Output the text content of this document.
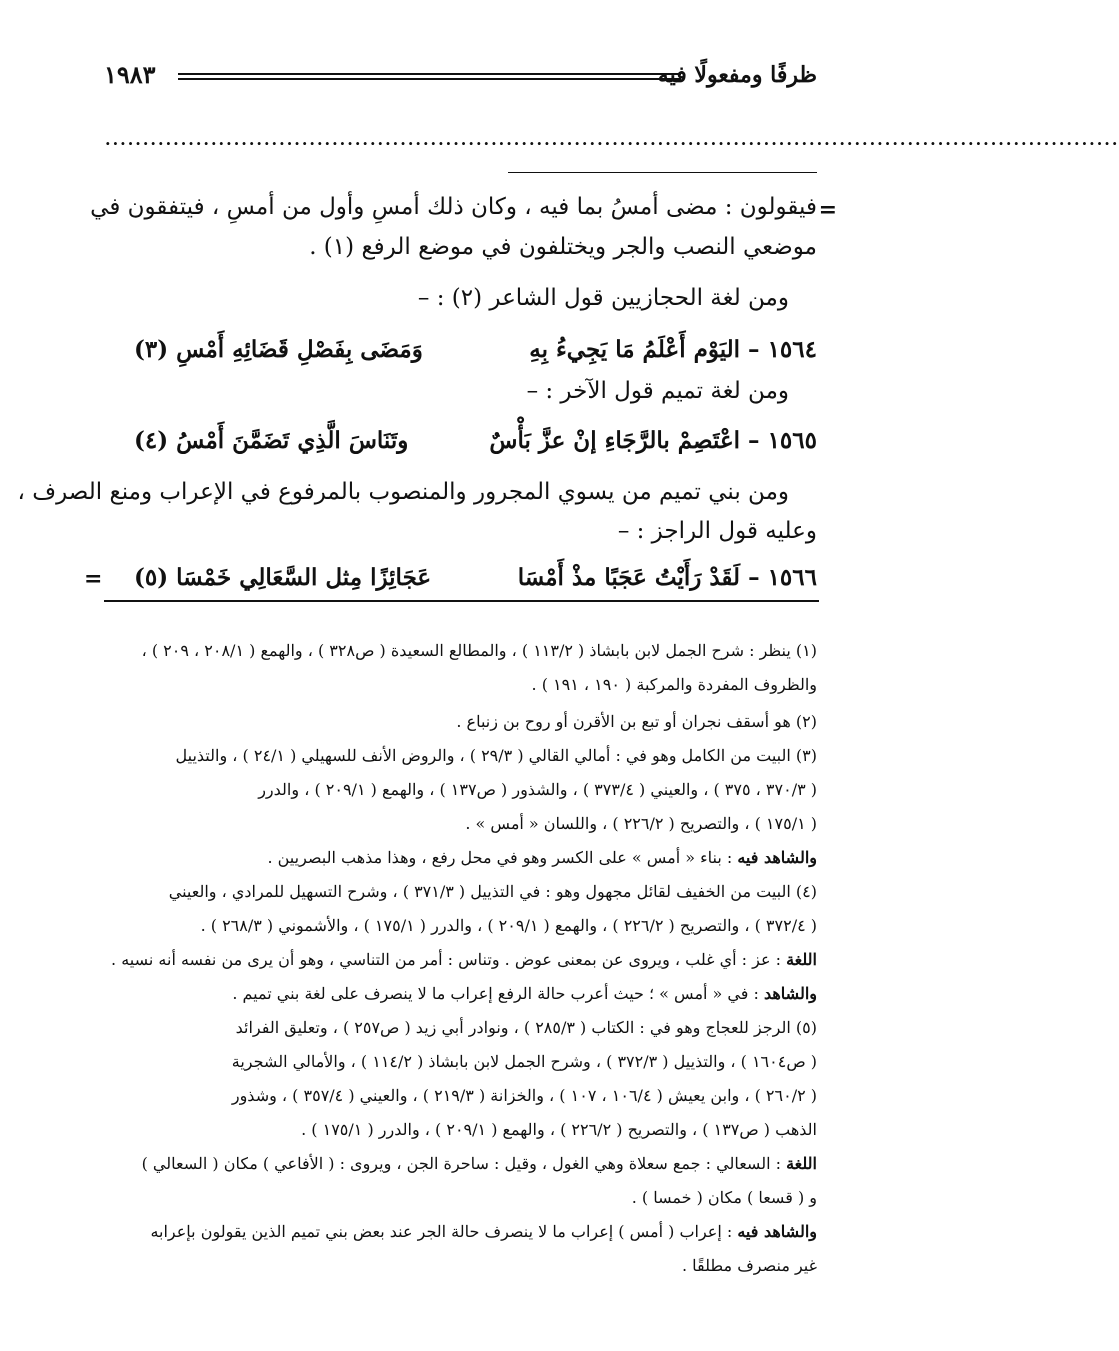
ظرفًا ومفعولًا فيه
١٩٨٣
......................................................................................................................................
=
فيقولون : مضى أمسُ بما فيه ، وكان ذلك أمسِ وأول من أمسِ ، فيتفقون في
موضعي النصب والجر ويختلفون في موضع الرفع (١) .
ومن لغة الحجازيين قول الشاعر (٢) : –
١٥٦٤ – اليَوْم أَعْلَمُ مَا يَجِيءُ بِهِ
وَمَضَى بِفَصْلِ قَضَائِهِ أَمْسِ (٣)
ومن لغة تميم قول الآخر : –
١٥٦٥ – اعْتَصِمْ بالرَّجَاءِ إنْ عزَّ بَأْسٌ
وتَنَاسَ الَّذِي تَضَمَّنَ أَمْسُ (٤)
ومن بني تميم من يسوي المجرور والمنصوب بالمرفوع في الإعراب ومنع الصرف ،
وعليه قول الراجز : –
١٥٦٦ – لَقَدْ رَأَيْتُ عَجَبًا مذْ أَمْسَا
عَجَائِزًا مِثل السَّعَالِي خَمْسَا (٥)
=
(١) ينظر : شرح الجمل لابن بابشاذ ( ١١٣/٢ ) ، والمطالع السعيدة ( ص٣٢٨ ) ، والهمع ( ٢٠٨/١ ، ٢٠٩ ) ،
والظروف المفردة والمركبة ( ١٩٠ ، ١٩١ ) .
(٢) هو أسقف نجران أو تبع بن الأقرن أو روح بن زنباع .
(٣) البيت من الكامل وهو في : أمالي القالي ( ٢٩/٣ ) ، والروض الأنف للسهيلي ( ٢٤/١ ) ، والتذييل
( ٣٧٠/٣ ، ٣٧٥ ) ، والعيني ( ٣٧٣/٤ ) ، والشذور ( ص١٣٧ ) ، والهمع ( ٢٠٩/١ ) ، والدرر
( ١٧٥/١ ) ، والتصريح ( ٢٢٦/٢ ) ، واللسان « أمس » .
والشاهد فيه : بناء « أمس » على الكسر وهو في محل رفع ، وهذا مذهب البصريين .
(٤) البيت من الخفيف لقائل مجهول وهو : في التذييل ( ٣٧١/٣ ) ، وشرح التسهيل للمرادي ، والعيني
( ٣٧٢/٤ ) ، والتصريح ( ٢٢٦/٢ ) ، والهمع ( ٢٠٩/١ ) ، والدرر ( ١٧٥/١ ) ، والأشموني ( ٢٦٨/٣ ) .
اللغة : عز : أي غلب ، ويروى عن بمعنى عوض . وتناس : أمر من التناسي ، وهو أن يرى من نفسه أنه نسيه .
والشاهد : في « أمس » ؛ حيث أعرب حالة الرفع إعراب ما لا ينصرف على لغة بني تميم .
(٥) الرجز للعجاج وهو في : الكتاب ( ٢٨٥/٣ ) ، ونوادر أبي زيد ( ص٢٥٧ ) ، وتعليق الفرائد
( ص١٦٠٤ ) ، والتذييل ( ٣٧٢/٣ ) ، وشرح الجمل لابن بابشاذ ( ١١٤/٢ ) ، والأمالي الشجرية
( ٢٦٠/٢ ) ، وابن يعيش ( ١٠٦/٤ ، ١٠٧ ) ، والخزانة ( ٢١٩/٣ ) ، والعيني ( ٣٥٧/٤ ) ، وشذور
الذهب ( ص١٣٧ ) ، والتصريح ( ٢٢٦/٢ ) ، والهمع ( ٢٠٩/١ ) ، والدرر ( ١٧٥/١ ) .
اللغة : السعالي : جمع سعلاة وهي الغول ، وقيل : ساحرة الجن ، ويروى : ( الأفاعي ) مكان ( السعالي )
و ( قسعا ) مكان ( خمسا ) .
والشاهد فيه : إعراب ( أمس ) إعراب ما لا ينصرف حالة الجر عند بعض بني تميم الذين يقولون بإعرابه
غير منصرف مطلقًا .
